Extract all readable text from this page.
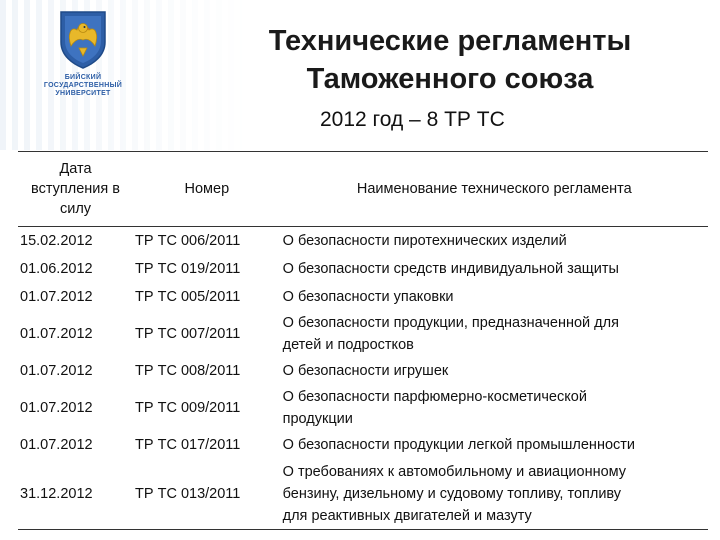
БИЙСКИЙ
ГОСУДАРСТВЕННЫЙ
УНИВЕРСИТЕТ
Технические регламенты
Таможенного союза
2012 год – 8 ТР ТС
Дата
вступления в
силу	Номер	Наименование технического регламента
15.02.2012	ТР ТС 006/2011	О безопасности пиротехнических изделий

01.06.2012	ТР ТС 019/2011	О безопасности средств индивидуальной защиты

01.07.2012	ТР ТС 005/2011	О безопасности упаковки

01.07.2012	ТР ТС 007/2011	О безопасности продукции, предназначенной для
детей и подростков

01.07.2012	ТР ТС 008/2011	О безопасности игрушек

01.07.2012	ТР ТС 009/2011	О безопасности парфюмерно-косметической
продукции

01.07.2012	ТР ТС 017/2011	О безопасности продукции легкой промышленности

31.12.2012	ТР ТС 013/2011	О требованиях к автомобильному и авиационному
бензину, дизельному и судовому топливу, топливу
для реактивных двигателей и мазуту
